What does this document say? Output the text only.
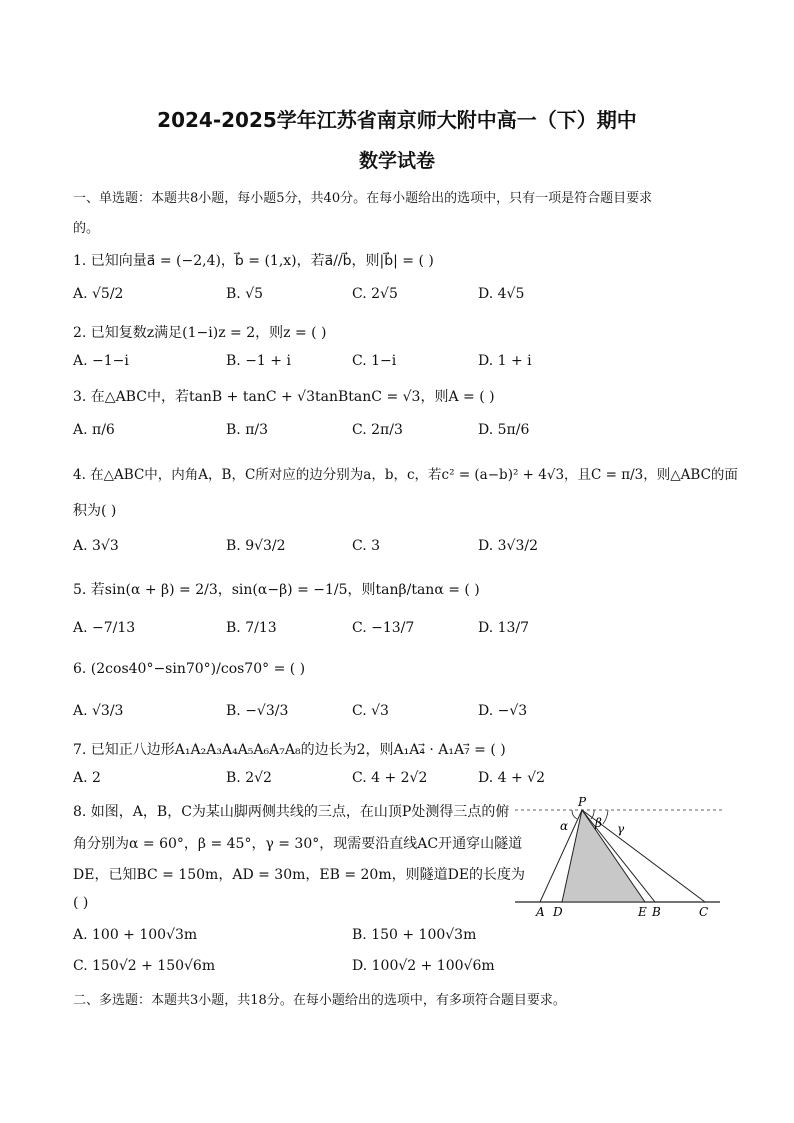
2024-2025学年江苏省南京师大附中高一（下）期中
数学试卷
一、单选题：本题共8小题，每小题5分，共40分。在每小题给出的选项中，只有一项是符合题目要求
的。
1. 已知向量a⃗ = (−2,4)，b⃗ = (1,x)，若a⃗//b⃗，则|b⃗| = ( )
A. √5/2	B. √5	C. 2√5	D. 4√5
2. 已知复数z满足(1−i)z = 2，则z = ( )
A. −1−i	B. −1 + i	C. 1−i	D. 1 + i
3. 在△ABC中，若tanB + tanC + √3tanBtanC = √3，则A = ( )
A. π/6	B. π/3	C. 2π/3	D. 5π/6
4. 在△ABC中，内角A，B，C所对应的边分别为a，b，c，若c² = (a−b)² + 4√3，且C = π/3，则△ABC的面
积为( )
A. 3√3	B. 9√3/2	C. 3	D. 3√3/2
5. 若sin(α + β) = 2/3，sin(α−β) = −1/5，则tanβ/tanα = ( )
A. −7/13	B. 7/13	C. −13/7	D. 13/7
6. (2cos40°−sin70°)/cos70° = ( )
A. √3/3	B. −√3/3	C. √3	D. −√3
7. 已知正八边形A₁A₂A₃A₄A₅A₆A₇A₈的边长为2，则A₁A₄⃗ · A₁A₇⃗ = ( )
A. 2	B. 2√2	C. 4 + 2√2	D. 4 + √2
8. 如图，A，B，C为某山脚两侧共线的三点，在山顶P处测得三点的俯
角分别为α = 60°，β = 45°，γ = 30°，现需要沿直线AC开通穿山隧道
DE，已知BC = 150m，AD = 30m，EB = 20m，则隧道DE的长度为
( )
P
α β γ
A D	E B	C
A. 100 + 100√3m	B. 150 + 100√3m
C. 150√2 + 150√6m	D. 100√2 + 100√6m
二、多选题：本题共3小题，共18分。在每小题给出的选项中，有多项符合题目要求。
